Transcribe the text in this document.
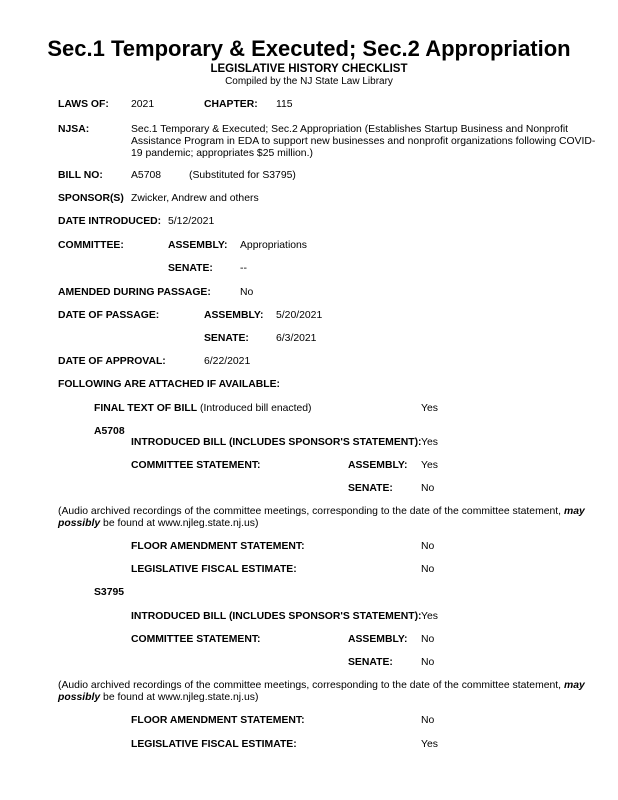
Sec.1 Temporary & Executed; Sec.2 Appropriation
LEGISLATIVE HISTORY CHECKLIST
Compiled by the NJ State Law Library
LAWS OF: 2021	CHAPTER: 115
NJSA:	Sec.1 Temporary & Executed; Sec.2 Appropriation (Establishes Startup Business and Nonprofit Assistance Program in EDA to support new businesses and nonprofit organizations following COVID-19 pandemic; appropriates $25 million.)
BILL NO:	A5708	(Substituted for S3795)
SPONSOR(S) Zwicker, Andrew and others
DATE INTRODUCED: 5/12/2021
COMMITTEE:	ASSEMBLY: Appropriations
SENATE:	--
AMENDED DURING PASSAGE:	No
DATE OF PASSAGE:	ASSEMBLY: 5/20/2021
SENATE:	6/3/2021
DATE OF APPROVAL:	6/22/2021
FOLLOWING ARE ATTACHED IF AVAILABLE:
FINAL TEXT OF BILL (Introduced bill enacted)	Yes
A5708
INTRODUCED BILL (INCLUDES SPONSOR'S STATEMENT): Yes
COMMITTEE STATEMENT:	ASSEMBLY: Yes
SENATE:	No
(Audio archived recordings of the committee meetings, corresponding to the date of the committee statement, may possibly be found at www.njleg.state.nj.us)
FLOOR AMENDMENT STATEMENT:	No
LEGISLATIVE FISCAL ESTIMATE:	No
S3795
INTRODUCED BILL (INCLUDES SPONSOR'S STATEMENT): Yes
COMMITTEE STATEMENT:	ASSEMBLY: No
SENATE:	No
(Audio archived recordings of the committee meetings, corresponding to the date of the committee statement, may possibly be found at www.njleg.state.nj.us)
FLOOR AMENDMENT STATEMENT:	No
LEGISLATIVE FISCAL ESTIMATE:	Yes
